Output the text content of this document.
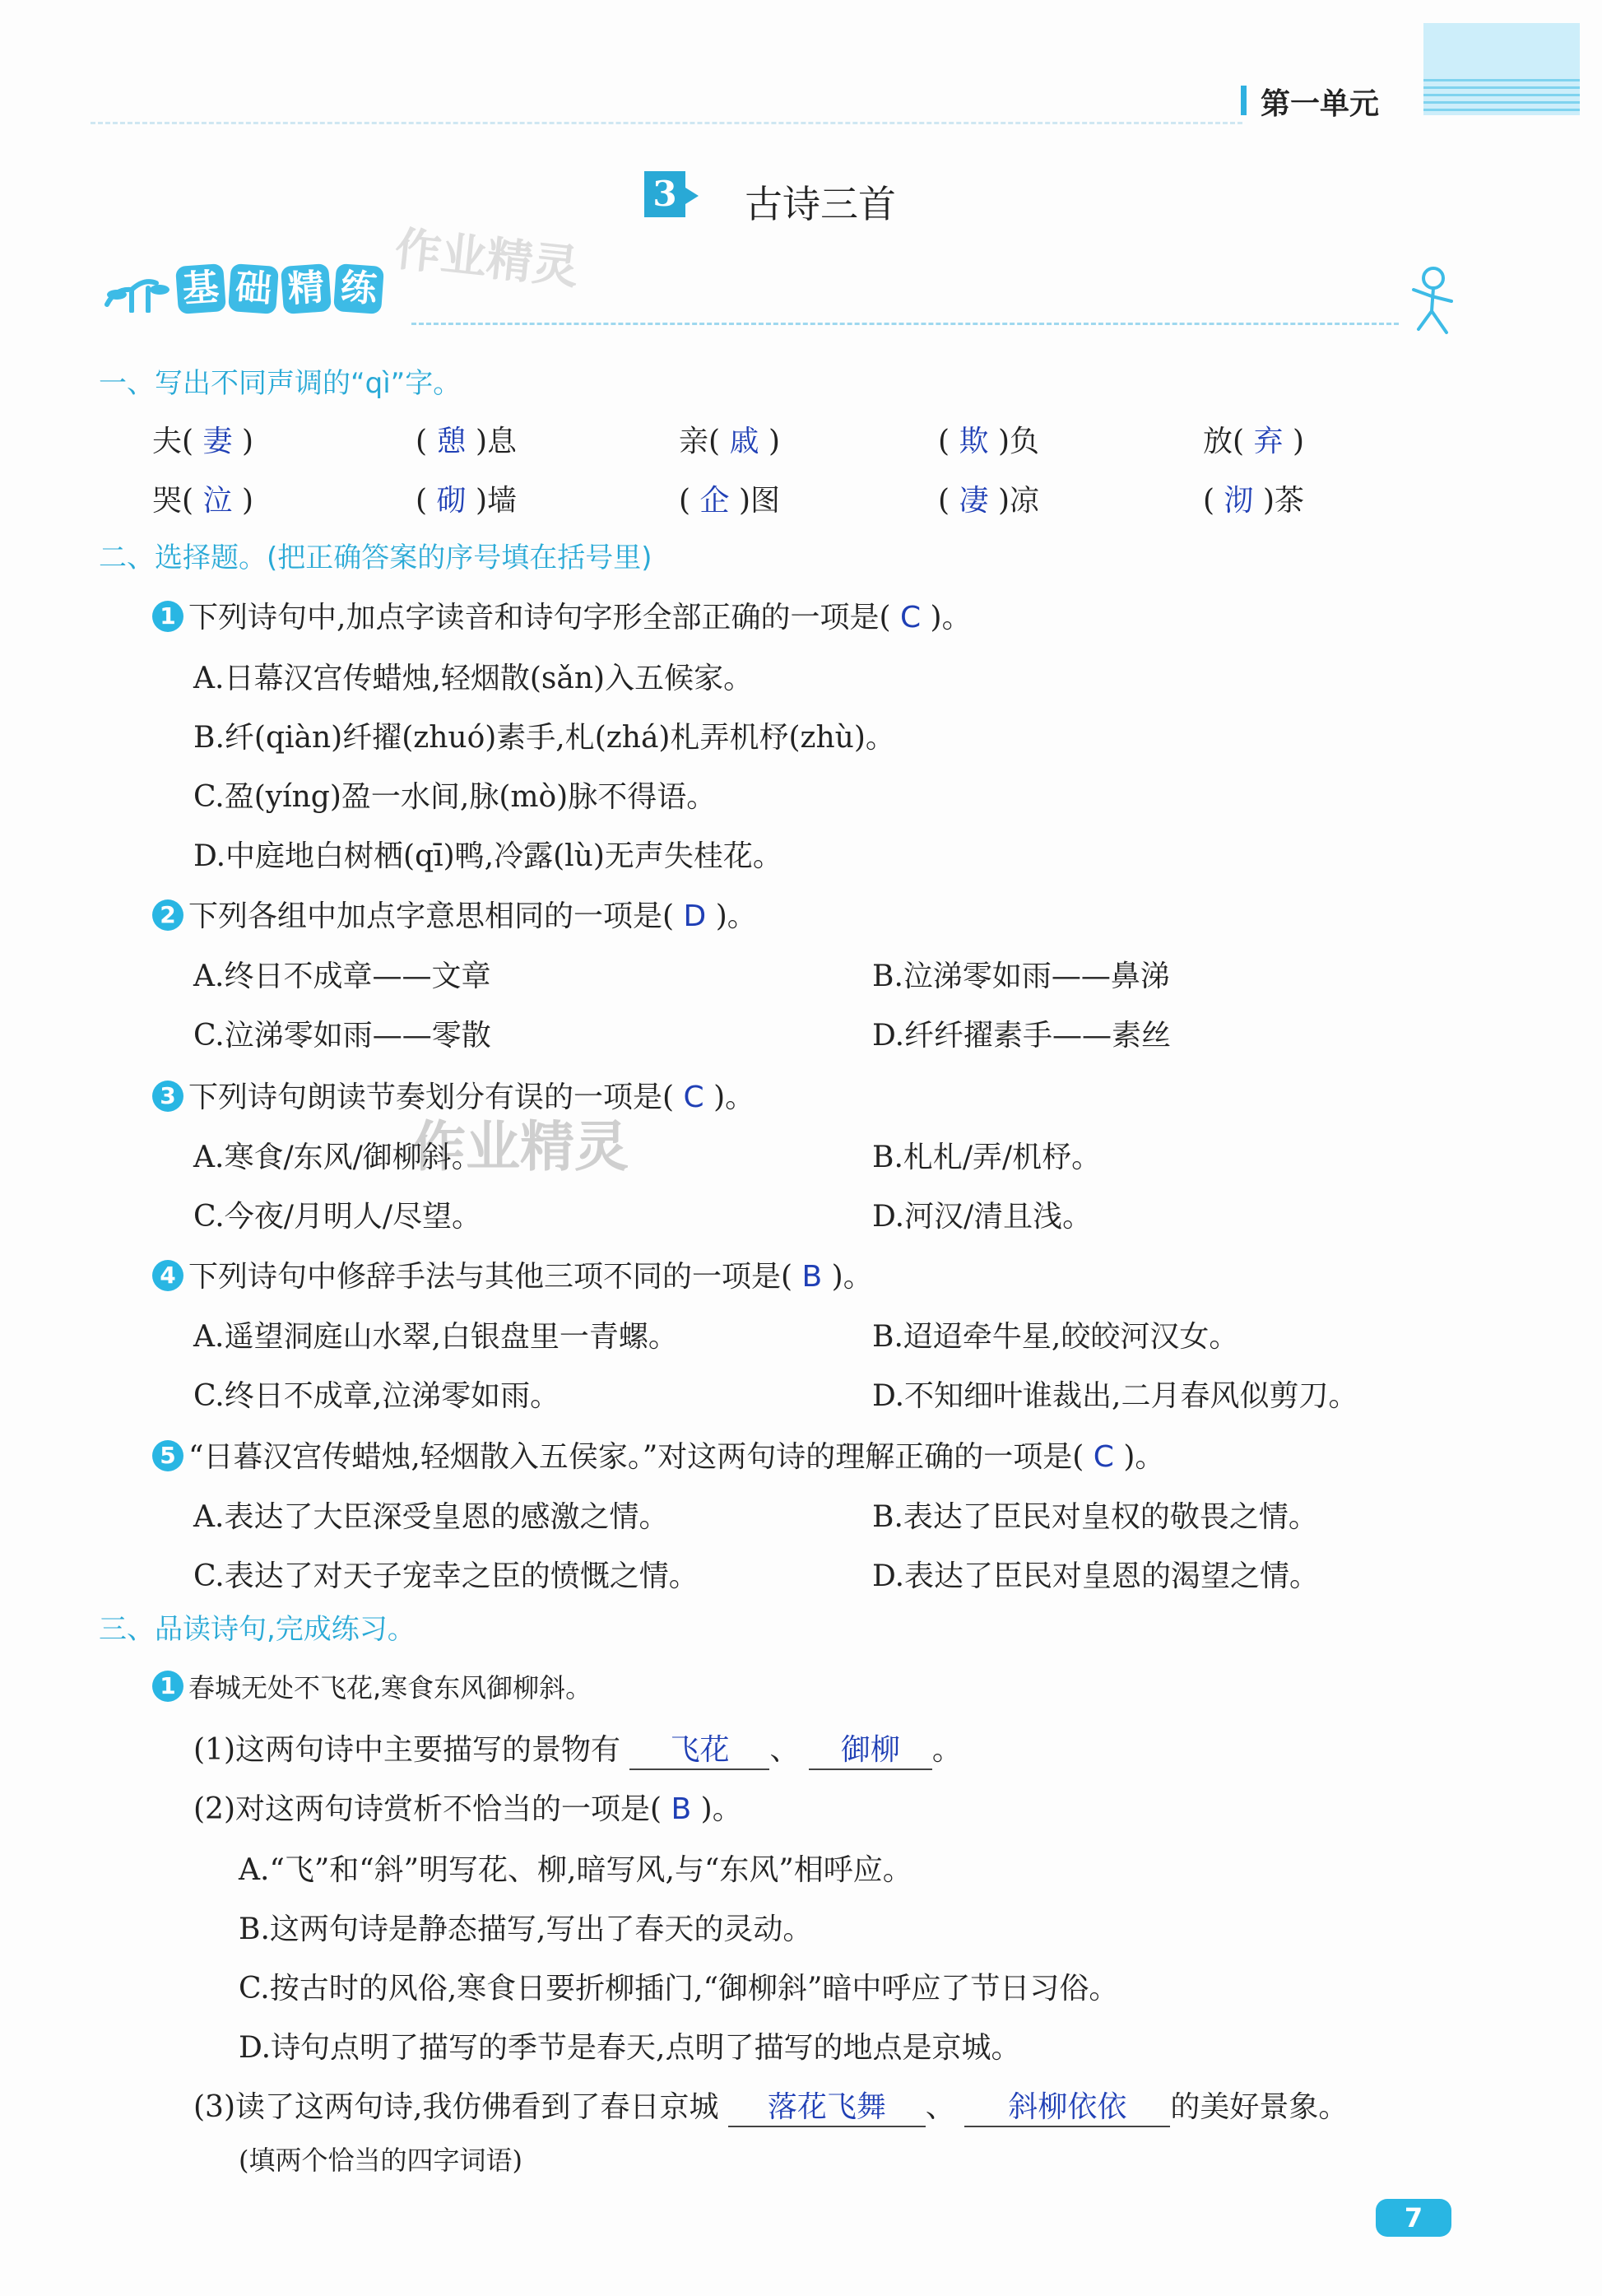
第一单元
3 古诗三首
作业精灵
作业精灵
基 础 精 练
一、写出不同声调的“qì”字。
夫( 妻 )	( 憩 )息	亲( 戚 )	( 欺 )负	放( 弃 )
哭( 泣 )	( 砌 )墙	( 企 )图	( 凄 )凉	( 沏 )茶
二、选择题。(把正确答案的序号填在括号里)
1 下列诗句中,加点字读音和诗句字形全部正确的一项是( C )。
A.日幕汉宫传蜡烛,轻烟散(sǎn)入五候家。
B.纤(qiàn)纤擢(zhuó)素手,札(zhá)札弄机杼(zhù)。
C.盈(yíng)盈一水间,脉(mò)脉不得语。
D.中庭地白树栖(qī)鸭,冷露(lù)无声失桂花。
2 下列各组中加点字意思相同的一项是( D )。
A.终日不成章——文章	B.泣涕零如雨——鼻涕
C.泣涕零如雨——零散	D.纤纤擢素手——素丝
3 下列诗句朗读节奏划分有误的一项是( C )。
A.寒食/东风/御柳斜。	B.札札/弄/机杼。
C.今夜/月明人/尽望。	D.河汉/清且浅。
4 下列诗句中修辞手法与其他三项不同的一项是( B )。
A.遥望洞庭山水翠,白银盘里一青螺。	B.迢迢牵牛星,皎皎河汉女。
C.终日不成章,泣涕零如雨。	D.不知细叶谁裁出,二月春风似剪刀。
5 “日暮汉宫传蜡烛,轻烟散入五侯家。”对这两句诗的理解正确的一项是( C )。
A.表达了大臣深受皇恩的感激之情。	B.表达了臣民对皇权的敬畏之情。
C.表达了对天子宠幸之臣的愤慨之情。	D.表达了臣民对皇恩的渴望之情。
三、品读诗句,完成练习。
1 春城无处不飞花,寒食东风御柳斜。
(1)这两句诗中主要描写的景物有 飞花 、 御柳 。
(2)对这两句诗赏析不恰当的一项是( B )。
A.“飞”和“斜”明写花、柳,暗写风,与“东风”相呼应。
B.这两句诗是静态描写,写出了春天的灵动。
C.按古时的风俗,寒食日要折柳插门,“御柳斜”暗中呼应了节日习俗。
D.诗句点明了描写的季节是春天,点明了描写的地点是京城。
(3)读了这两句诗,我仿佛看到了春日京城 落花飞舞 、 斜柳依依 的美好景象。
(填两个恰当的四字词语)
7
